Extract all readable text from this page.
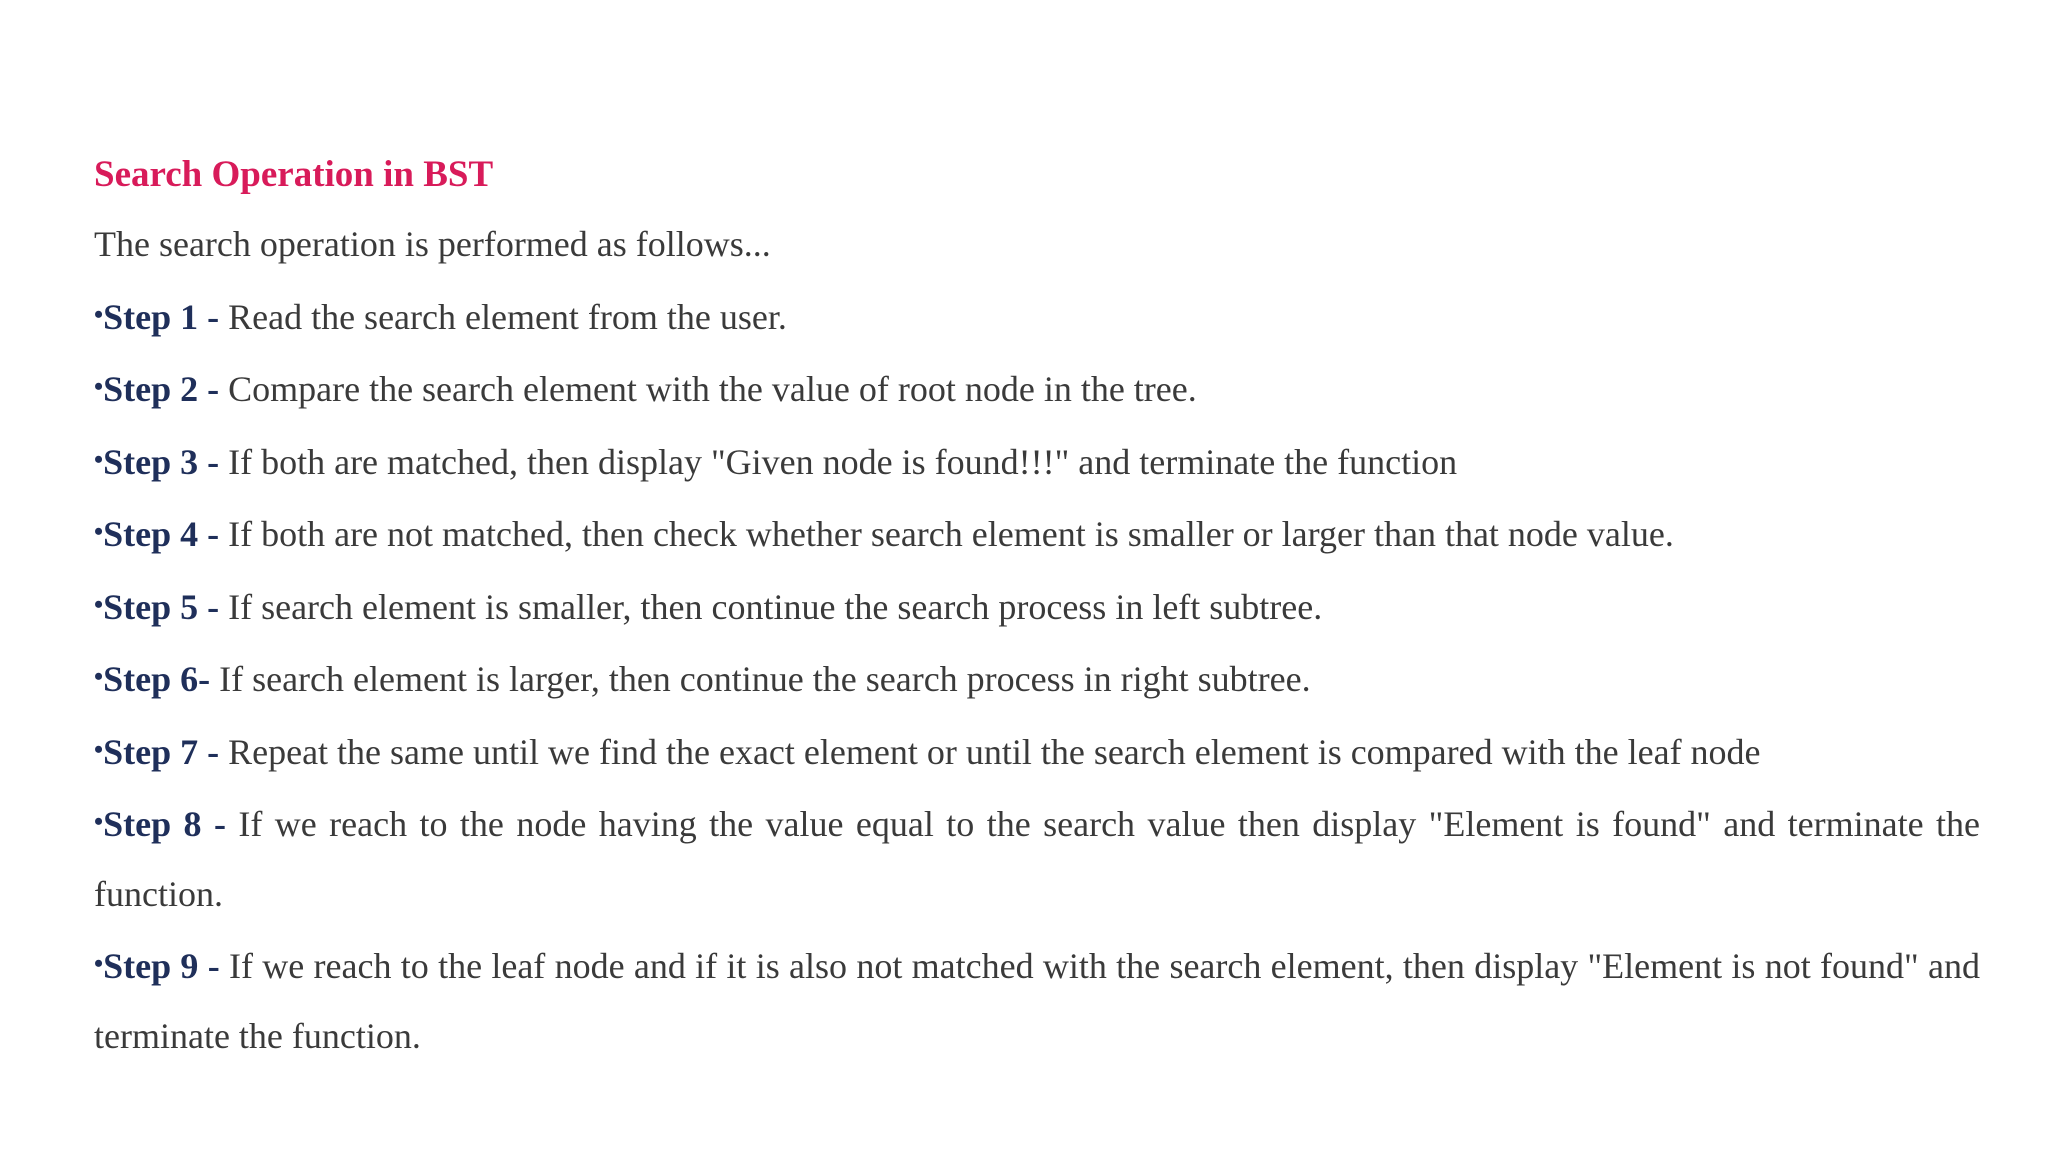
Search Operation in BST

The search operation is performed as follows...

•Step 1 - Read the search element from the user.
•Step 2 - Compare the search element with the value of root node in the tree.
•Step 3 - If both are matched, then display "Given node is found!!!" and terminate the function
•Step 4 - If both are not matched, then check whether search element is smaller or larger than that node value.
•Step 5 - If search element is smaller, then continue the search process in left subtree.
•Step 6- If search element is larger, then continue the search process in right subtree.
•Step 7 - Repeat the same until we find the exact element or until the search element is compared with the leaf node
•Step 8 - If we reach to the node having the value equal to the search value then display "Element is found" and terminate the function.
•Step 9 - If we reach to the leaf node and if it is also not matched with the search element, then display "Element is not found" and terminate the function.
